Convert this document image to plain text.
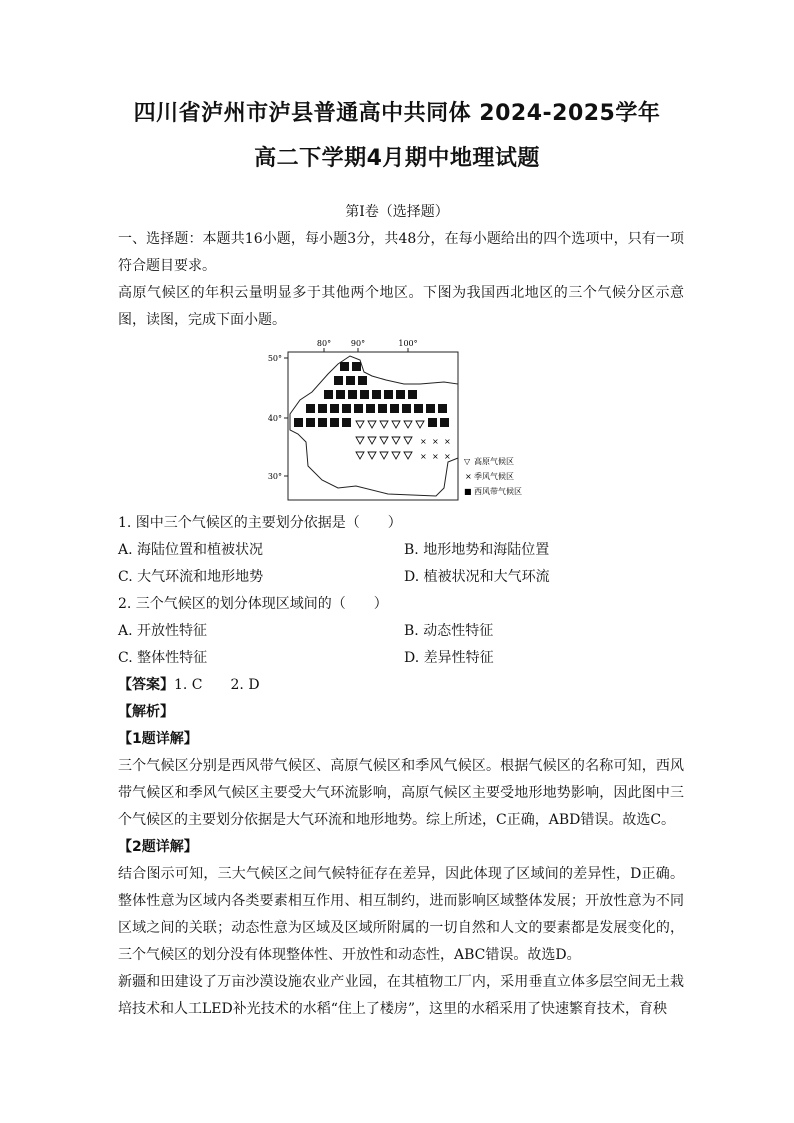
四川省泸州市泸县普通高中共同体 2024-2025学年
高二下学期4月期中地理试题
第I卷（选择题）

一、选择题：本题共16小题，每小题3分，共48分，在每小题给出的四个选项中，只有一项符合题目要求。

高原气候区的年积云量明显多于其他两个地区。下图为我国西北地区的三个气候分区示意图，读图，完成下面小题。

80° 90°	100°
50°
40°
30°
× × ×
× × ×
▽ 高原气候区
× 季风气候区
■ 西风带气候区

1. 图中三个气候区的主要划分依据是（　　）

A. 海陆位置和植被状况	B. 地形地势和海陆位置
C. 大气环流和地形地势	D. 植被状况和大气环流

2. 三个气候区的划分体现区域间的（　　）

A. 开放性特征	B. 动态性特征
C. 整体性特征	D. 差异性特征

【答案】1. C　　2. D

【解析】

【1题详解】

三个气候区分别是西风带气候区、高原气候区和季风气候区。根据气候区的名称可知，西风带气候区和季风气候区主要受大气环流影响，高原气候区主要受地形地势影响，因此图中三个气候区的主要划分依据是大气环流和地形地势。综上所述，C正确，ABD错误。故选C。

【2题详解】

结合图示可知，三大气候区之间气候特征存在差异，因此体现了区域间的差异性，D正确。整体性意为区域内各类要素相互作用、相互制约，进而影响区域整体发展；开放性意为不同区域之间的关联；动态性意为区域及区域所附属的一切自然和人文的要素都是发展变化的，三个气候区的划分没有体现整体性、开放性和动态性，ABC错误。故选D。

新疆和田建设了万亩沙漠设施农业产业园，在其植物工厂内，采用垂直立体多层空间无土栽培技术和人工LED补光技术的水稻“住上了楼房”，这里的水稻采用了快速繁育技术，育秧
